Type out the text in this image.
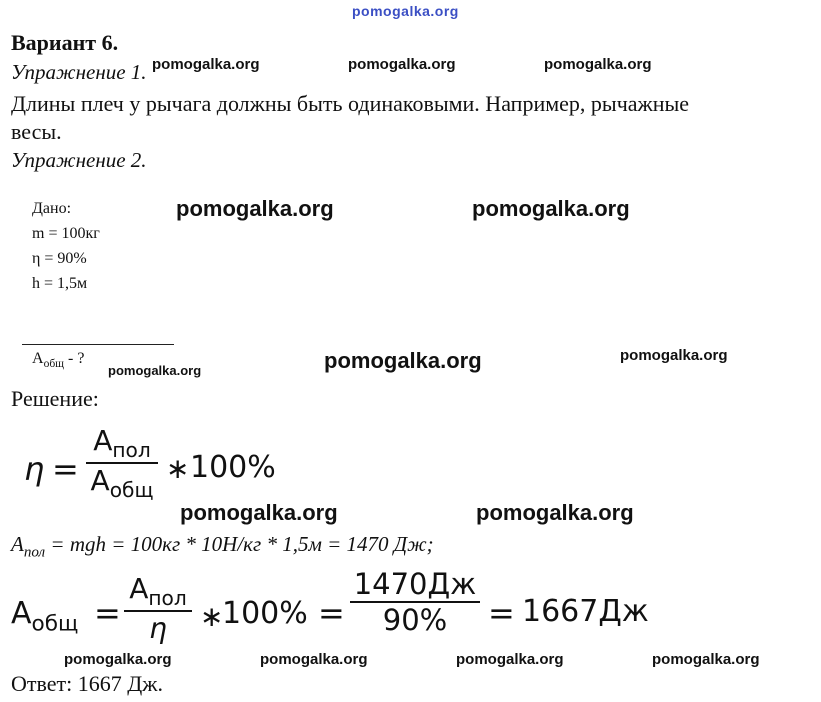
pomogalka.org
Вариант 6.
Упражнение 1.
Длины плеч у рычага должны быть одинаковыми. Например, рычажные
весы.
Упражнение 2.
Дано:
m = 100кг
η = 90%
h = 1,5м
$А_{общ}$ - ?
Решение:
η =
$А_{пол}$
$А_{общ}$
∗ 100%
$А_{пол}$ = mgh = 100кг * 10Н/кг * 1,5м = 1470 Дж;
$А_{общ}$ =
$А_{пол}$
η	∗
100% =
1470Дж
90%	= 1667Дж
Ответ: 1667 Дж.
pomogalka.org	pomogalka.org	pomogalka.org
pomogalka.org	pomogalka.org
pomogalka.org	pomogalka.org
pomogalka.org
pomogalka.org	pomogalka.org
pomogalka.org	pomogalka.org	pomogalka.org	pomogalka.org
